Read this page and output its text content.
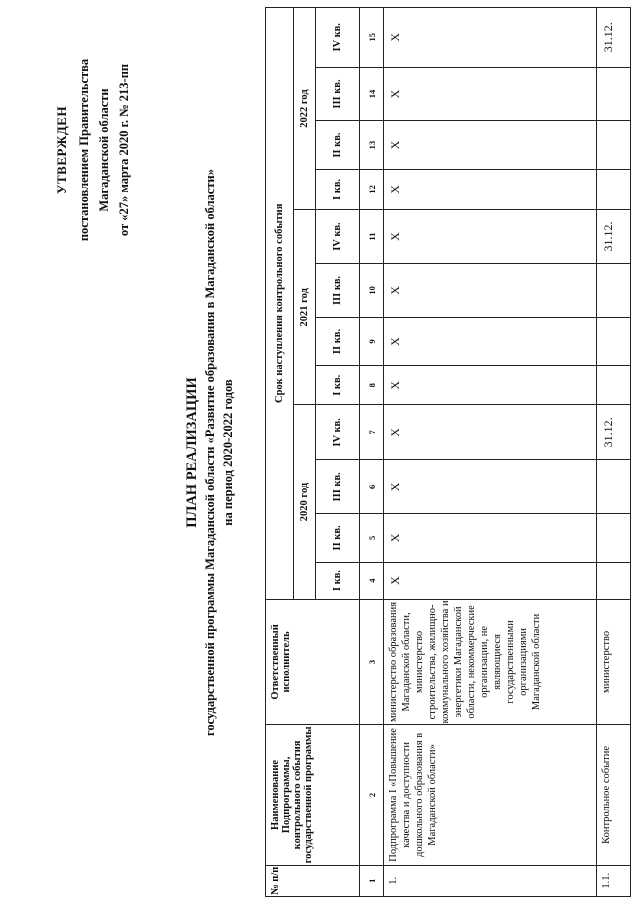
УТВЕРЖДЕН постановлением Правительства Магаданской области от «27» марта 2020 г. № 213-пп
ПЛАН РЕАЛИЗАЦИИ государственной программы Магаданской области «Развитие образования в Магаданской области» на период 2020-2022 годов
№ п/п	Наименование Подпрограммы, контрольного события государственной программы	Ответственный исполнитель	Срок наступления контрольного события											
			2020 год				2021 год				2022 год			
			I кв.	II кв.	III кв.	IV кв.	I кв.	II кв.	III кв.	IV кв.	I кв.	II кв.	III кв.	IV кв.

1	2	3	4	5	6	7	8	9	10	11	12	13	14	15
1.	Подпрограмма I «Повышение качества и доступности дошкольного образования в Магаданской области»	министерство образования Магаданской области, министерство строительства, жилищно-коммунального хозяйства и энергетики Магаданской области, некоммерческие организации, не являющиеся государственными организациями Магаданской области	X	X	X	X	X	X	X	X	X	X	X	X
1.1.	Контрольное событие	министерство				31.12.				31.12.				31.12.
